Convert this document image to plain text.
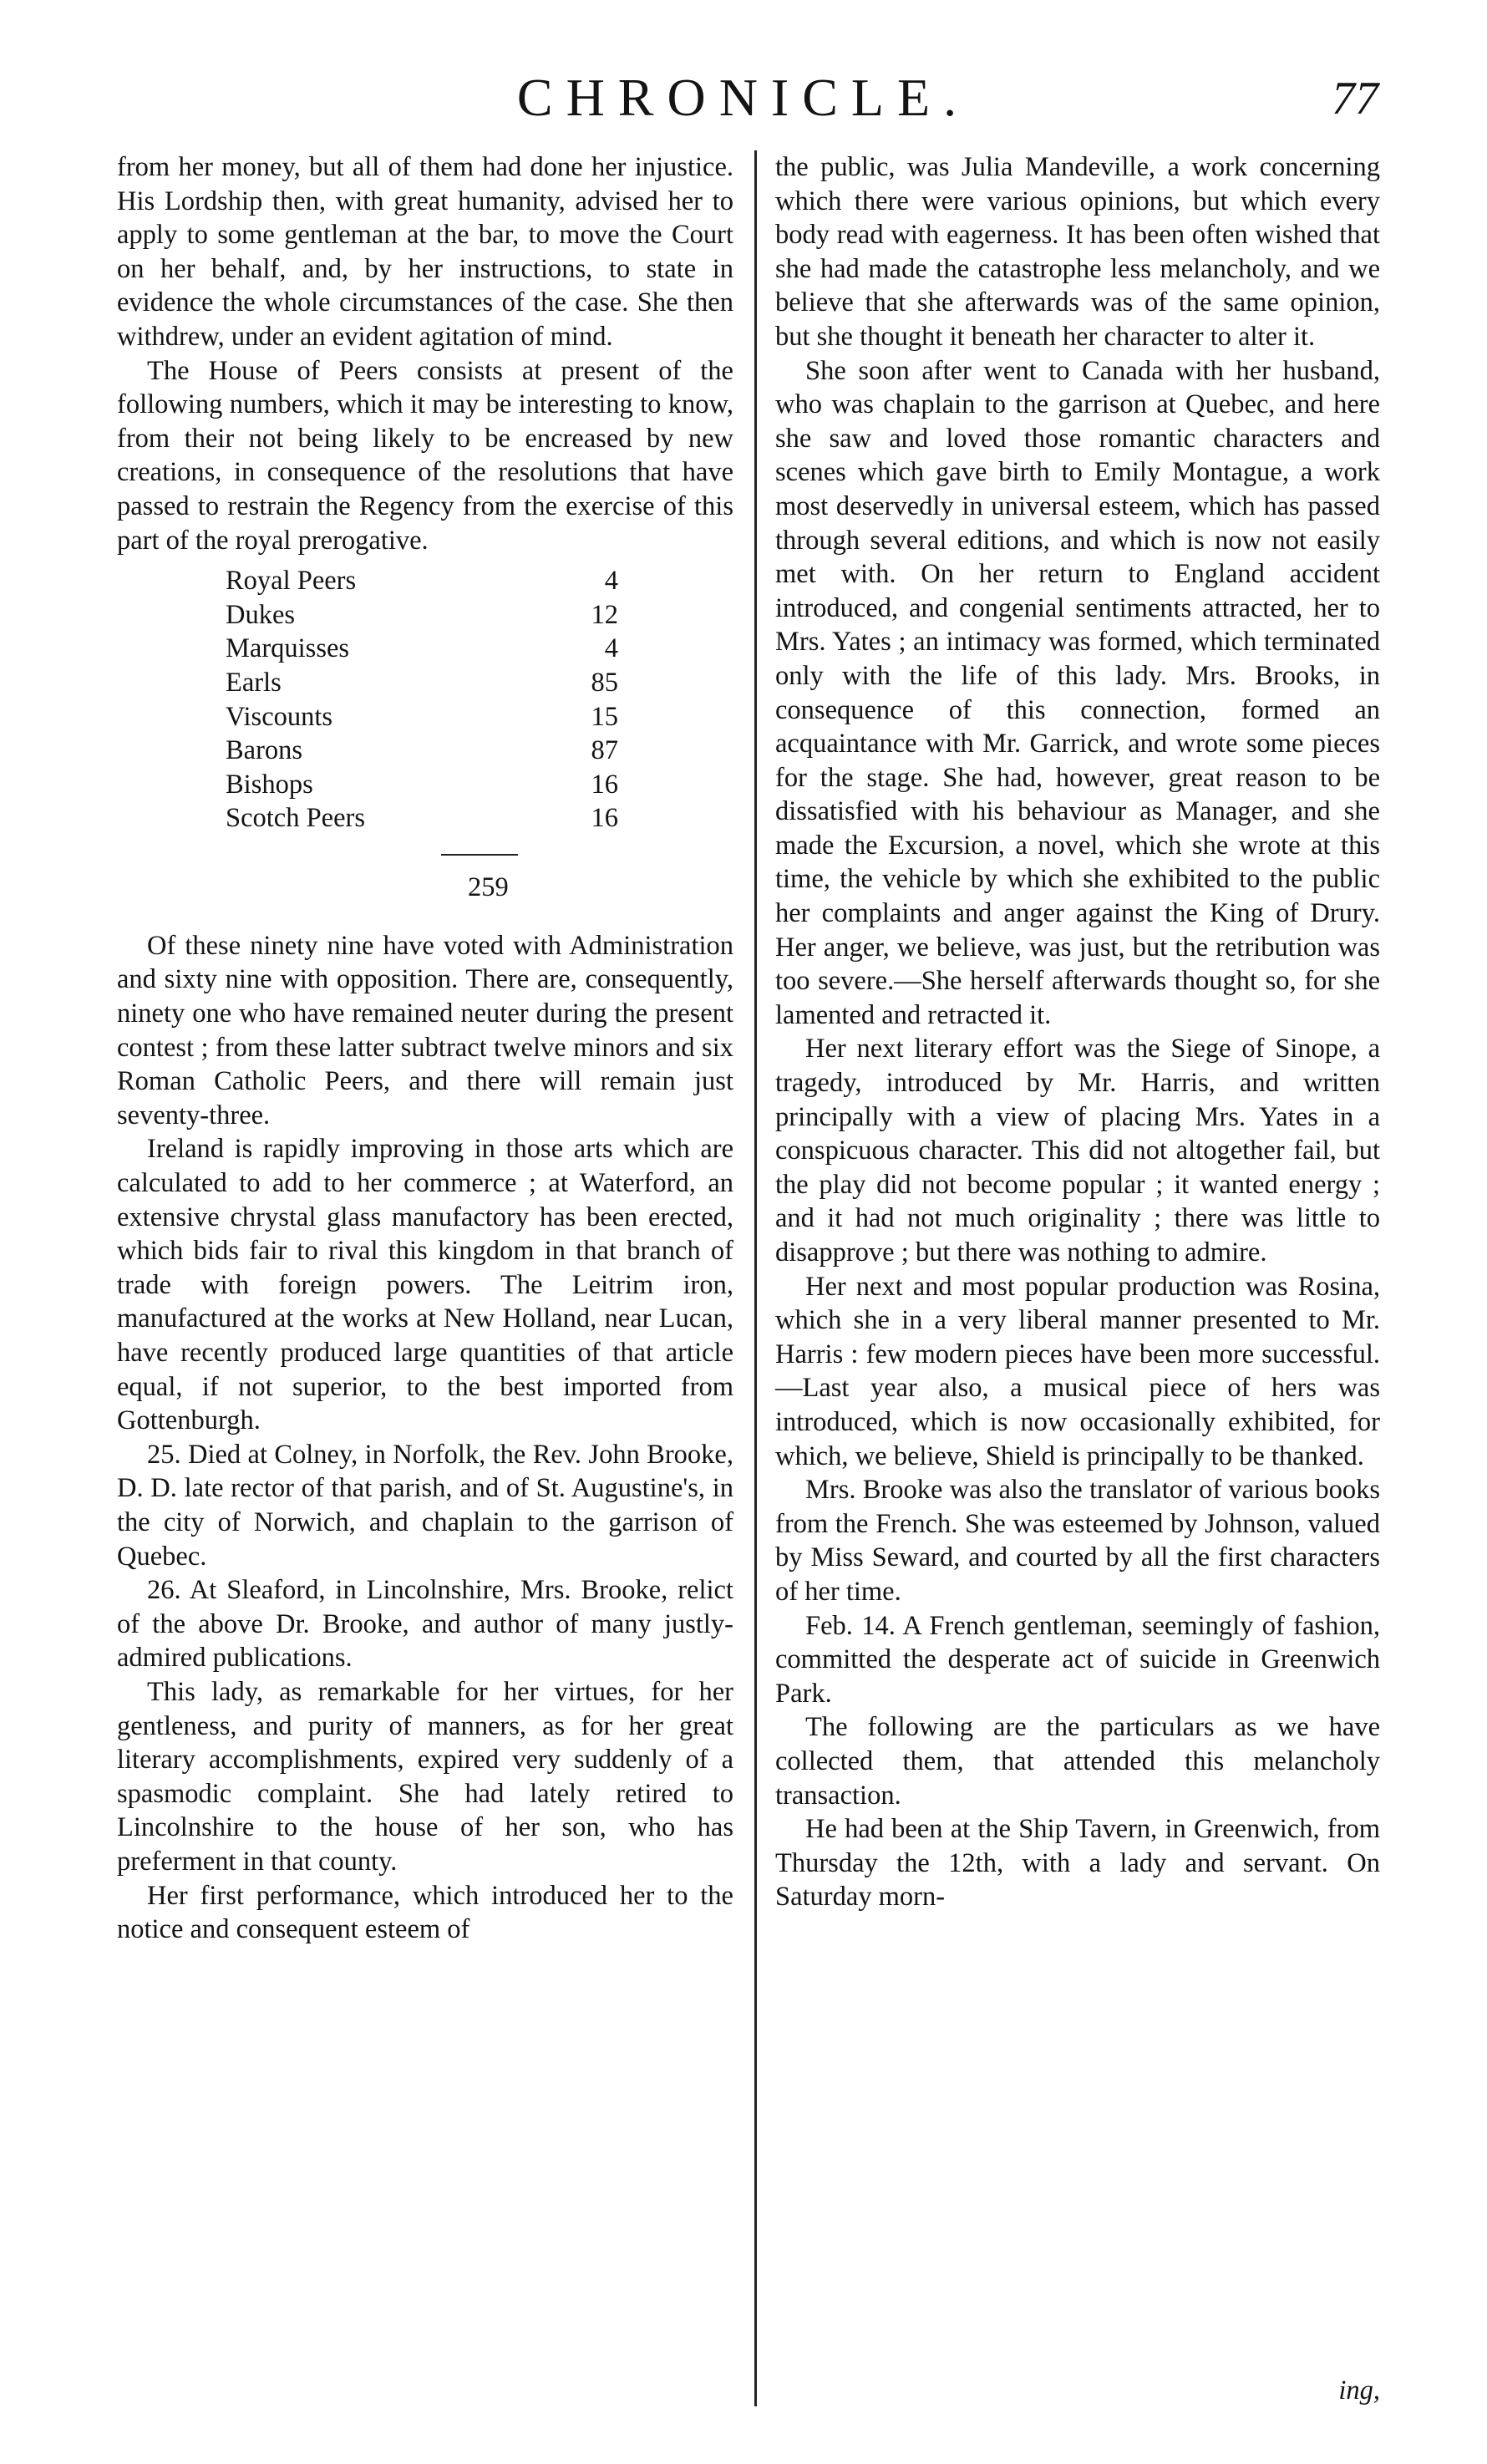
CHRONICLE.	77

from her money, but all of them had done her injustice. His Lordship then, with great humanity, advised her to apply to some gentleman at the bar, to move the Court on her behalf, and, by her instructions, to state in evidence the whole circumstances of the case. She then withdrew, under an evident agitation of mind.

The House of Peers consists at present of the following numbers, which it may be interesting to know, from their not being likely to be encreased by new creations, in consequence of the resolutions that have passed to restrain the Regency from the exercise of this part of the royal prerogative.

Royal Peers	4
Dukes	12
Marquisses	4
Earls	85
Viscounts	15
Barons	87
Bishops	16
Scotch Peers	16
259

Of these ninety nine have voted with Administration and sixty nine with opposition. There are, consequently, ninety one who have remained neuter during the present contest ; from these latter subtract twelve minors and six Roman Catholic Peers, and there will remain just seventy-three.

Ireland is rapidly improving in those arts which are calculated to add to her commerce ; at Waterford, an extensive chrystal glass manufactory has been erected, which bids fair to rival this kingdom in that branch of trade with foreign powers. The Leitrim iron, manufactured at the works at New Holland, near Lucan, have recently produced large quantities of that article equal, if not superior, to the best imported from Gottenburgh.

25. Died at Colney, in Norfolk, the Rev. John Brooke, D. D. late rector of that parish, and of St. Augustine's, in the city of Norwich, and chaplain to the garrison of Quebec.

26. At Sleaford, in Lincolnshire, Mrs. Brooke, relict of the above Dr. Brooke, and author of many justly-admired publications.

This lady, as remarkable for her virtues, for her gentleness, and purity of manners, as for her great literary accomplishments, expired very suddenly of a spasmodic complaint. She had lately retired to Lincolnshire to the house of her son, who has preferment in that county.

Her first performance, which introduced her to the notice and consequent esteem of

the public, was Julia Mandeville, a work concerning which there were various opinions, but which every body read with eagerness. It has been often wished that she had made the catastrophe less melancholy, and we believe that she afterwards was of the same opinion, but she thought it beneath her character to alter it.

She soon after went to Canada with her husband, who was chaplain to the garrison at Quebec, and here she saw and loved those romantic characters and scenes which gave birth to Emily Montague, a work most deservedly in universal esteem, which has passed through several editions, and which is now not easily met with. On her return to England accident introduced, and congenial sentiments attracted, her to Mrs. Yates ; an intimacy was formed, which terminated only with the life of this lady. Mrs. Brooks, in consequence of this connection, formed an acquaintance with Mr. Garrick, and wrote some pieces for the stage. She had, however, great reason to be dissatisfied with his behaviour as Manager, and she made the Excursion, a novel, which she wrote at this time, the vehicle by which she exhibited to the public her complaints and anger against the King of Drury. Her anger, we believe, was just, but the retribution was too severe.—She herself afterwards thought so, for she lamented and retracted it.

Her next literary effort was the Siege of Sinope, a tragedy, introduced by Mr. Harris, and written principally with a view of placing Mrs. Yates in a conspicuous character. This did not altogether fail, but the play did not become popular ; it wanted energy ; and it had not much originality ; there was little to disapprove ; but there was nothing to admire.

Her next and most popular production was Rosina, which she in a very liberal manner presented to Mr. Harris : few modern pieces have been more successful.—Last year also, a musical piece of hers was introduced, which is now occasionally exhibited, for which, we believe, Shield is principally to be thanked.

Mrs. Brooke was also the translator of various books from the French. She was esteemed by Johnson, valued by Miss Seward, and courted by all the first characters of her time.

Feb. 14. A French gentleman, seemingly of fashion, committed the desperate act of suicide in Greenwich Park.

The following are the particulars as we have collected them, that attended this melancholy transaction.

He had been at the Ship Tavern, in Greenwich, from Thursday the 12th, with a lady and servant. On Saturday morn-

ing,
